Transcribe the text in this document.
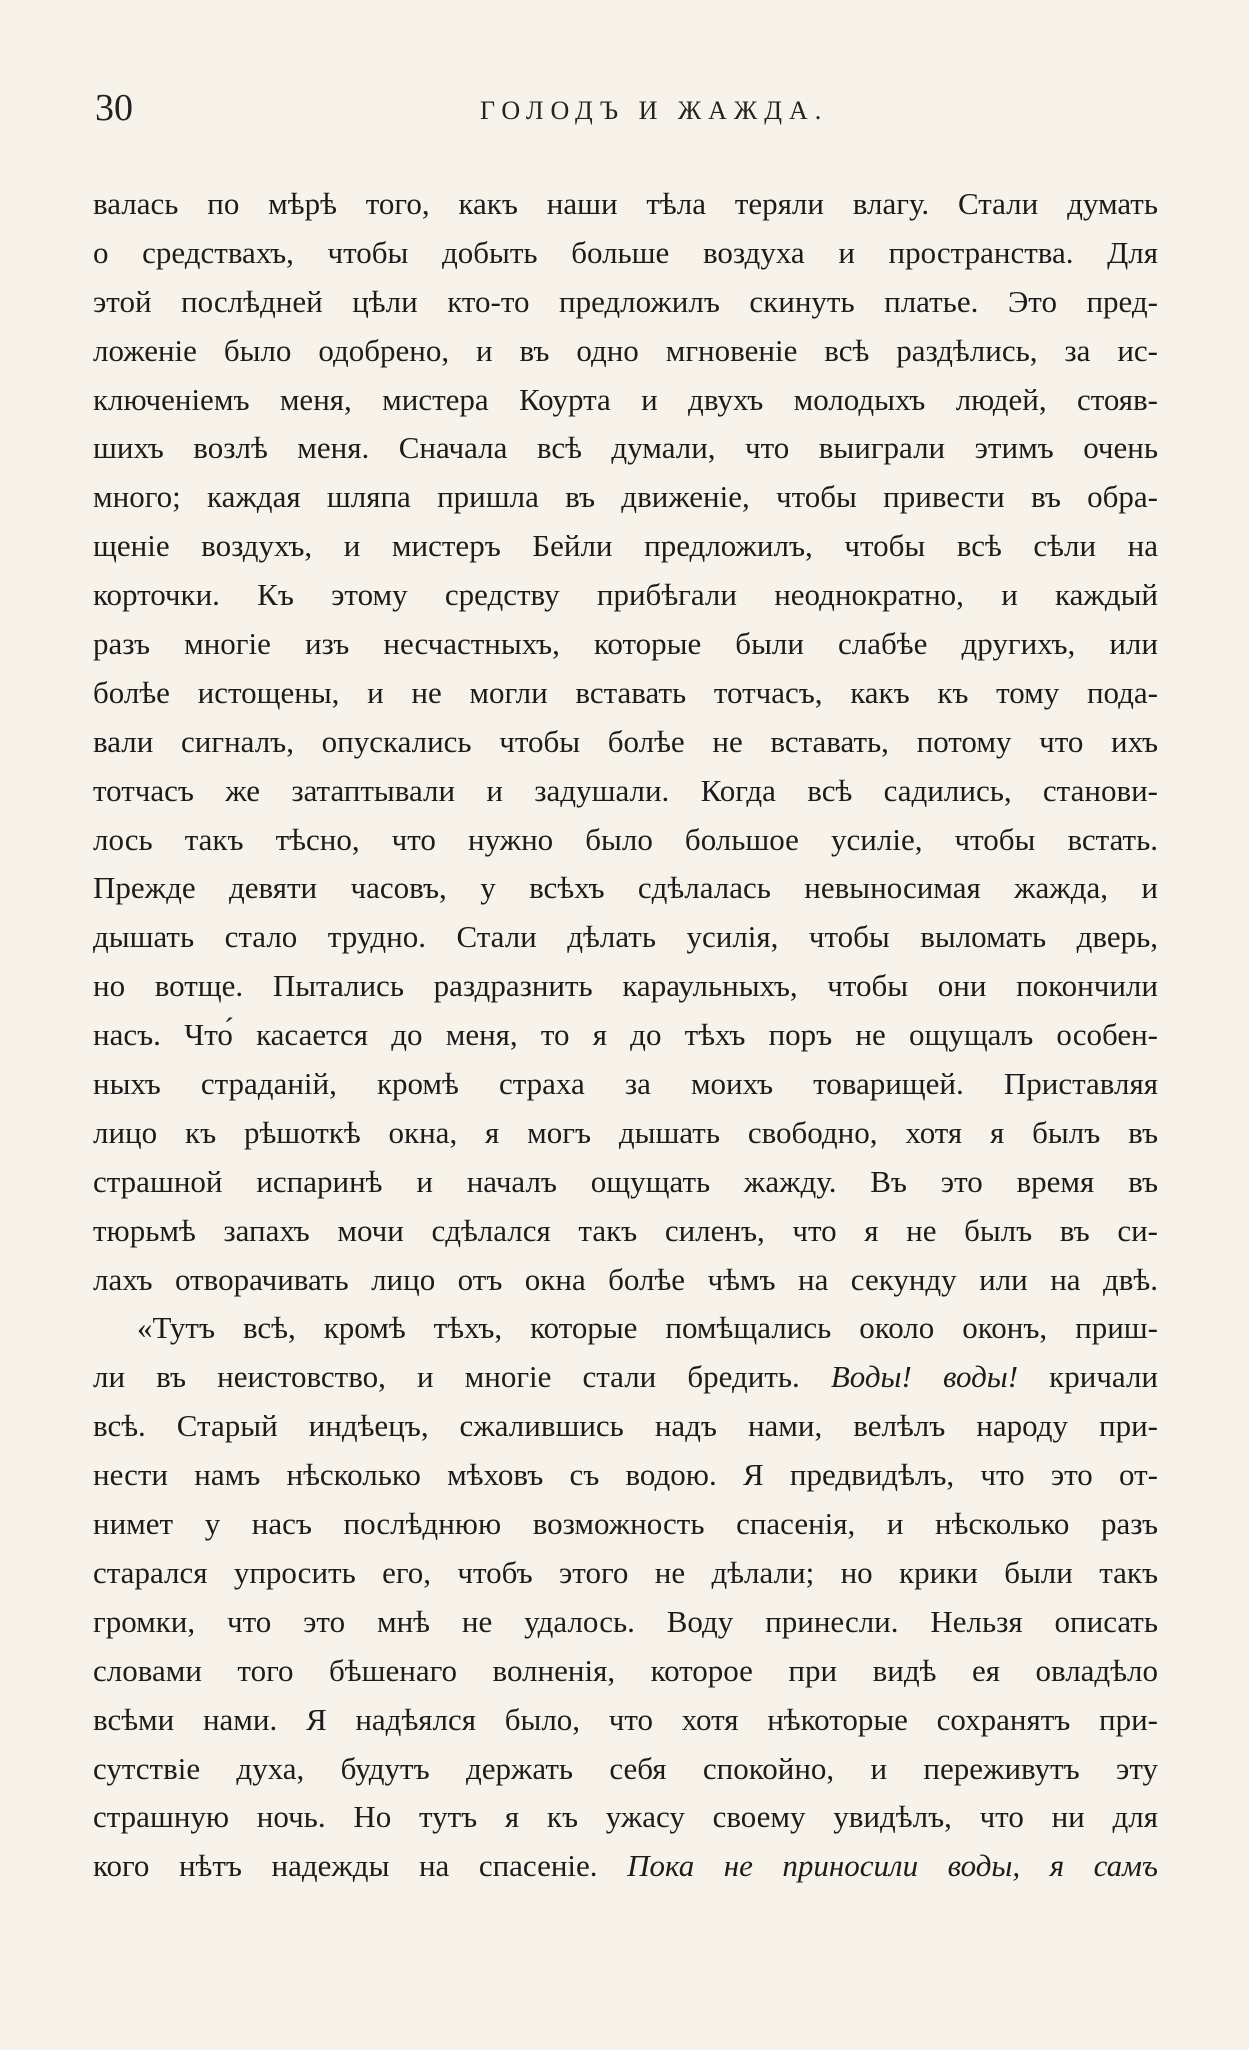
30	ГОЛОДЪ И ЖАЖДА.
валась по мѣрѣ того, какъ наши тѣла теряли влагу. Стали думать
о средствахъ, чтобы добыть больше воздуха и пространства. Для
этой послѣдней цѣли кто-то предложилъ скинуть платье. Это пред-
ложеніе было одобрено, и въ одно мгновеніе всѣ раздѣлись, за ис-
ключеніемъ меня, мистера Коурта и двухъ молодыхъ людей, стояв-
шихъ возлѣ меня. Сначала всѣ думали, что выиграли этимъ очень
много; каждая шляпа пришла въ движеніе, чтобы привести въ обра-
щеніе воздухъ, и мистеръ Бейли предложилъ, чтобы всѣ сѣли на
корточки. Къ этому средству прибѣгали неоднократно, и каждый
разъ многіе изъ несчастныхъ, которые были слабѣе другихъ, или
болѣе истощены, и не могли вставать тотчасъ, какъ къ тому пода-
вали сигналъ, опускались чтобы болѣе не вставать, потому что ихъ
тотчасъ же затаптывали и задушали. Когда всѣ садились, станови-
лось такъ тѣсно, что нужно было большое усиліе, чтобы встать.
Прежде девяти часовъ, у всѣхъ сдѣлалась невыносимая жажда, и
дышать стало трудно. Стали дѣлать усилія, чтобы выломать дверь,
но вотще. Пытались раздразнить караульныхъ, чтобы они покончили
насъ. Что́ касается до меня, то я до тѣхъ поръ не ощущалъ особен-
ныхъ страданій, кромѣ страха за моихъ товарищей. Приставляя
лицо къ рѣшоткѣ окна, я могъ дышать свободно, хотя я былъ въ
страшной испаринѣ и началъ ощущать жажду. Въ это время въ
тюрьмѣ запахъ мочи сдѣлался такъ силенъ, что я не былъ въ си-
лахъ отворачивать лицо отъ окна болѣе чѣмъ на секунду или на двѣ.
«Тутъ всѣ, кромѣ тѣхъ, которые помѣщались около оконъ, приш-
ли въ неистовство, и многіе стали бредить. Воды! воды! кричали
всѣ. Старый индѣецъ, сжалившись надъ нами, велѣлъ народу при-
нести намъ нѣсколько мѣховъ съ водою. Я предвидѣлъ, что это от-
нимет у насъ послѣднюю возможность спасенія, и нѣсколько разъ
старался упросить его, чтобъ этого не дѣлали; но крики были такъ
громки, что это мнѣ не удалось. Воду принесли. Нельзя описать
словами того бѣшенаго волненія, которое при видѣ ея овладѣло
всѣми нами. Я надѣялся было, что хотя нѣкоторые сохранятъ при-
сутствіе духа, будутъ держать себя спокойно, и переживутъ эту
страшную ночь. Но тутъ я къ ужасу своему увидѣлъ, что ни для
кого нѣтъ надежды на спасеніе. Пока не приносили воды, я самъ
